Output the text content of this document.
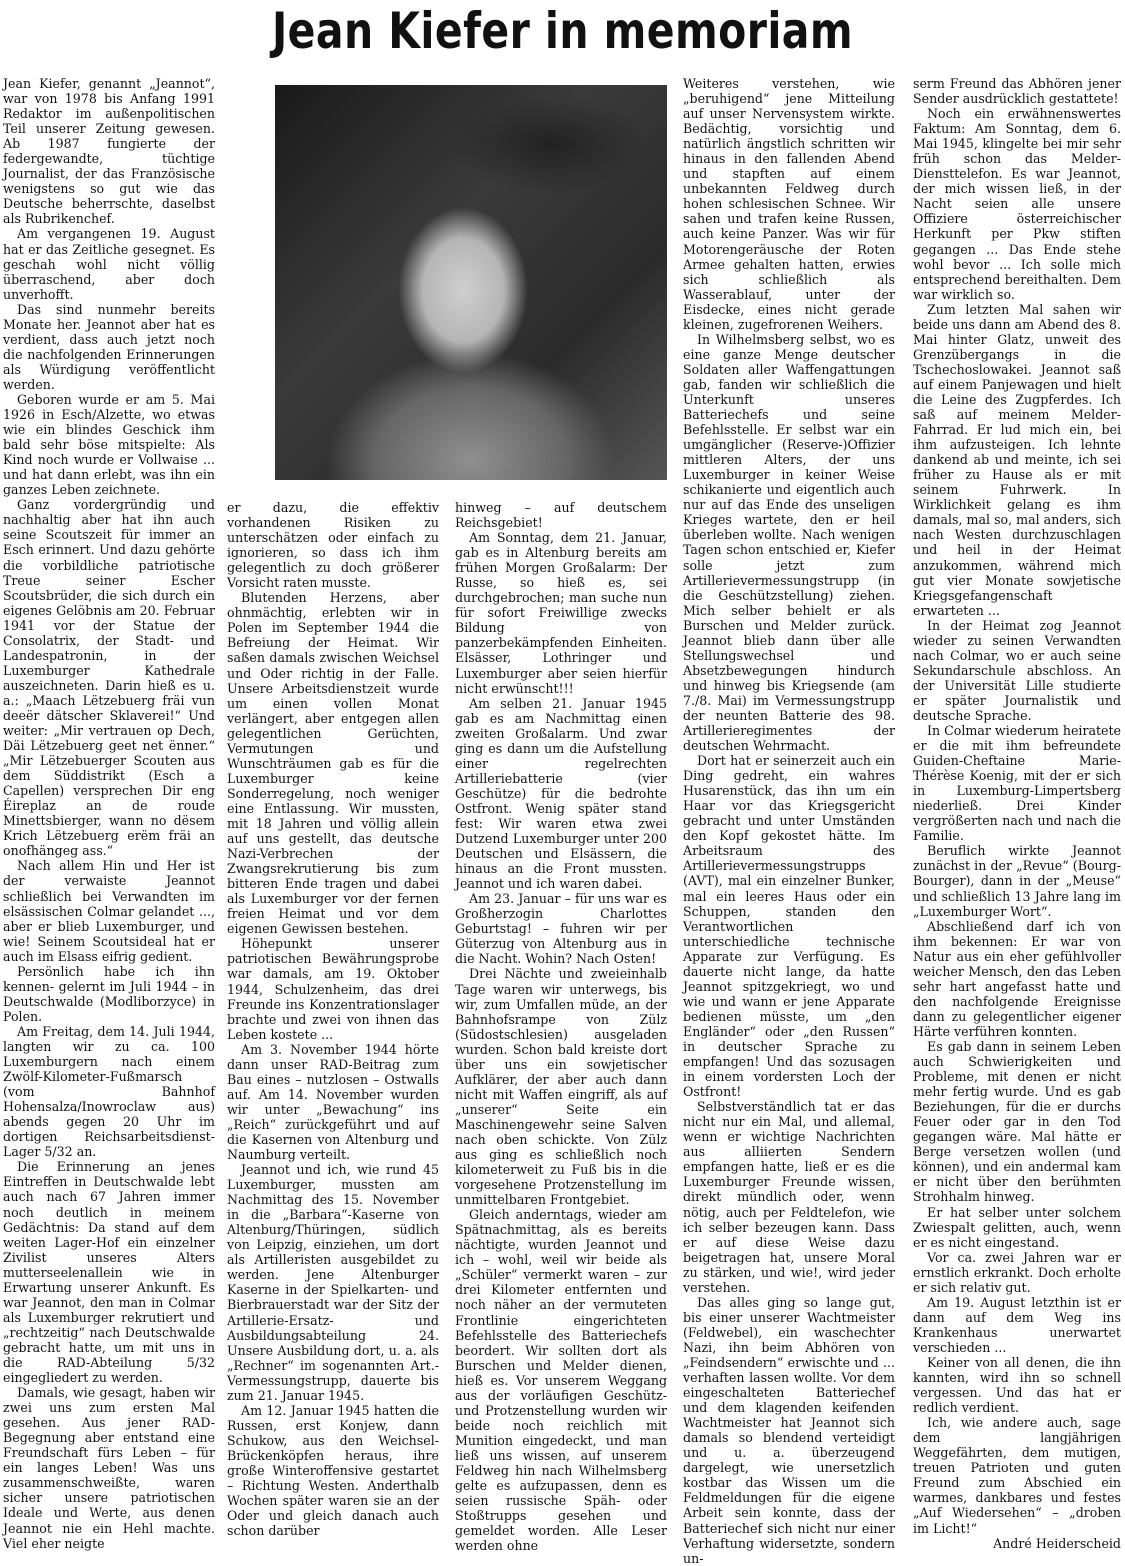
Jean Kiefer in memoriam

Jean Kiefer, genannt „Jeannot“, war von 1978 bis Anfang 1991 Redaktor im außenpolitischen Teil unserer Zeitung gewesen. Ab 1987 fungierte der federgewandte, tüchtige Journalist, der das Französische wenigstens so gut wie das Deutsche beherrschte, daselbst als Rubrikenchef.

Am vergangenen 19. August hat er das Zeitliche gesegnet. Es geschah wohl nicht völlig überraschend, aber doch unverhofft.

Das sind nunmehr bereits Monate her. Jeannot aber hat es verdient, dass auch jetzt noch die nachfolgenden Erinnerungen als Würdigung veröffentlicht werden.

Geboren wurde er am 5. Mai 1926 in Esch/Alzette, wo etwas wie ein blindes Geschick ihm bald sehr böse mitspielte: Als Kind noch wurde er Vollwaise ... und hat dann erlebt, was ihn ein ganzes Leben zeichnete.

Ganz vordergründig und nachhaltig aber hat ihn auch seine Scoutszeit für immer an Esch erinnert. Und dazu gehörte die vorbildliche patriotische Treue seiner Escher Scoutsbrüder, die sich durch ein eigenes Gelöbnis am 20. Februar 1941 vor der Statue der Consolatrix, der Stadt- und Landespatronin, in der Luxemburger Kathedrale auszeichneten. Darin hieß es u. a.: „Maach Lëtzebuerg fräi vun deeër dätscher Sklaverei!“ Und weiter: „Mir vertrauen op Dech, Däi Lëtzebuerg geet net ënner.“ „Mir Lëtzebuerger Scouten aus dem Süddistrikt (Esch a Capellen) versprechen Dir eng Éireplaz an de roude Minettsbierger, wann no dësem Krich Lëtzebuerg erëm fräi an onofhängeg ass.“

Nach allem Hin und Her ist der verwaiste Jeannot schließlich bei Verwandten im elsässischen Colmar gelandet ..., aber er blieb Luxemburger, und wie! Seinem Scoutsideal hat er auch im Elsass eifrig gedient.

Persönlich habe ich ihn kennen- gelernt im Juli 1944 – in Deutschwalde (Modliborzyce) in Polen.

Am Freitag, dem 14. Juli 1944, langten wir zu ca. 100 Luxemburgern nach einem Zwölf-Kilometer-Fußmarsch (vom Bahnhof Hohensalza/Inowroclaw aus) abends gegen 20 Uhr im dortigen Reichsarbeitsdienst-Lager 5/32 an.

Die Erinnerung an jenes Eintreffen in Deutschwalde lebt auch nach 67 Jahren immer noch deutlich in meinem Gedächtnis: Da stand auf dem weiten Lager-Hof ein einzelner Zivilist unseres Alters mutterseelenallein wie in Erwartung unserer Ankunft. Es war Jeannot, den man in Colmar als Luxemburger rekrutiert und „rechtzeitig“ nach Deutschwalde gebracht hatte, um mit uns in die RAD-Abteilung 5/32 eingegliedert zu werden.

Damals, wie gesagt, haben wir zwei uns zum ersten Mal gesehen. Aus jener RAD-Begegnung aber entstand eine Freundschaft fürs Leben – für ein langes Leben! Was uns zusammenschweißte, waren sicher unsere patriotischen Ideale und Werte, aus denen Jeannot nie ein Hehl machte. Viel eher neigte

er dazu, die effektiv vorhandenen Risiken zu unterschätzen oder einfach zu ignorieren, so dass ich ihm gelegentlich zu doch größerer Vorsicht raten musste.

Blutenden Herzens, aber ohnmächtig, erlebten wir in Polen im September 1944 die Befreiung der Heimat. Wir saßen damals zwischen Weichsel und Oder richtig in der Falle. Unsere Arbeitsdienstzeit wurde um einen vollen Monat verlängert, aber entgegen allen gelegentlichen Gerüchten, Vermutungen und Wunschträumen gab es für die Luxemburger keine Sonderregelung, noch weniger eine Entlassung. Wir mussten, mit 18 Jahren und völlig allein auf uns gestellt, das deutsche Nazi-Verbrechen der Zwangsrekrutierung bis zum bitteren Ende tragen und dabei als Luxemburger vor der fernen freien Heimat und vor dem eigenen Gewissen bestehen.

Höhepunkt unserer patriotischen Bewährungsprobe war damals, am 19. Oktober 1944, Schulzenheim, das drei Freunde ins Konzentrationslager brachte und zwei von ihnen das Leben kostete ...

Am 3. November 1944 hörte dann unser RAD-Beitrag zum Bau eines – nutzlosen – Ostwalls auf. Am 14. November wurden wir unter „Bewachung“ ins „Reich“ zurückgeführt und auf die Kasernen von Altenburg und Naumburg verteilt.

Jeannot und ich, wie rund 45 Luxemburger, mussten am Nachmittag des 15. November in die „Barbara“-Kaserne von Altenburg/Thüringen, südlich von Leipzig, einziehen, um dort als Artilleristen ausgebildet zu werden. Jene Altenburger Kaserne in der Spielkarten- und Bierbrauerstadt war der Sitz der Artillerie-Ersatz- und Ausbildungsabteilung 24. Unsere Ausbildung dort, u. a. als „Rechner“ im sogenannten Art.-Vermessungstrupp, dauerte bis zum 21. Januar 1945.

Am 12. Januar 1945 hatten die Russen, erst Konjew, dann Schukow, aus den Weichsel-Brückenköpfen heraus, ihre große Winteroffensive gestartet – Richtung Westen. Anderthalb Wochen später waren sie an der Oder und gleich danach auch schon darüber

hinweg – auf deutschem Reichsgebiet!

Am Sonntag, dem 21. Januar, gab es in Altenburg bereits am frühen Morgen Großalarm: Der Russe, so hieß es, sei durchgebrochen; man suche nun für sofort Freiwillige zwecks Bildung von panzerbekämpfenden Einheiten. Elsässer, Lothringer und Luxemburger aber seien hierfür nicht erwünscht!!!

Am selben 21. Januar 1945 gab es am Nachmittag einen zweiten Großalarm. Und zwar ging es dann um die Aufstellung einer regelrechten Artilleriebatterie (vier Geschütze) für die bedrohte Ostfront. Wenig später stand fest: Wir waren etwa zwei Dutzend Luxemburger unter 200 Deutschen und Elsässern, die hinaus an die Front mussten. Jeannot und ich waren dabei.

Am 23. Januar – für uns war es Großherzogin Charlottes Geburtstag! – fuhren wir per Güterzug von Altenburg aus in die Nacht. Wohin? Nach Osten!

Drei Nächte und zweieinhalb Tage waren wir unterwegs, bis wir, zum Umfallen müde, an der Bahnhofsrampe von Zülz (Südostschlesien) ausgeladen wurden. Schon bald kreiste dort über uns ein sowjetischer Aufklärer, der aber auch dann nicht mit Waffen eingriff, als auf „unserer“ Seite ein Maschinengewehr seine Salven nach oben schickte. Von Zülz aus ging es schließlich noch kilometerweit zu Fuß bis in die vorgesehene Protzenstellung im unmittelbaren Frontgebiet.

Gleich anderntags, wieder am Spätnachmittag, als es bereits nächtigte, wurden Jeannot und ich – wohl, weil wir beide als „Schüler“ vermerkt waren – zur drei Kilometer entfernten und noch näher an der vermuteten Frontlinie eingerichteten Befehlsstelle des Batteriechefs beordert. Wir sollten dort als Burschen und Melder dienen, hieß es. Vor unserem Weggang aus der vorläufigen Geschütz- und Protzenstellung wurden wir beide noch reichlich mit Munition eingedeckt, und man ließ uns wissen, auf unserem Feldweg hin nach Wilhelmsberg gelte es aufzupassen, denn es seien russische Späh- oder Stoßtrupps gesehen und gemeldet worden. Alle Leser werden ohne

Weiteres verstehen, wie „beruhigend“ jene Mitteilung auf unser Nervensystem wirkte. Bedächtig, vorsichtig und natürlich ängstlich schritten wir hinaus in den fallenden Abend und stapften auf einem unbekannten Feldweg durch hohen schlesischen Schnee. Wir sahen und trafen keine Russen, auch keine Panzer. Was wir für Motorengeräusche der Roten Armee gehalten hatten, erwies sich schließlich als Wasserablauf, unter der Eisdecke, eines nicht gerade kleinen, zugefrorenen Weihers.

In Wilhelmsberg selbst, wo es eine ganze Menge deutscher Soldaten aller Waffengattungen gab, fanden wir schließlich die Unterkunft unseres Batteriechefs und seine Befehlsstelle. Er selbst war ein umgänglicher (Reserve-)Offizier mittleren Alters, der uns Luxemburger in keiner Weise schikanierte und eigentlich auch nur auf das Ende des unseligen Krieges wartete, den er heil überleben wollte. Nach wenigen Tagen schon entschied er, Kiefer solle jetzt zum Artillerievermessungstrupp (in die Geschützstellung) ziehen. Mich selber behielt er als Burschen und Melder zurück. Jeannot blieb dann über alle Stellungswechsel und Absetzbewegungen hindurch und hinweg bis Kriegsende (am 7./8. Mai) im Vermessungstrupp der neunten Batterie des 98. Artillerieregimentes der deutschen Wehrmacht.

Dort hat er seinerzeit auch ein Ding gedreht, ein wahres Husarenstück, das ihn um ein Haar vor das Kriegsgericht gebracht und unter Umständen den Kopf gekostet hätte. Im Arbeitsraum des Artillerievermessungstrupps (AVT), mal ein einzelner Bunker, mal ein leeres Haus oder ein Schuppen, standen den Verantwortlichen unterschiedliche technische Apparate zur Verfügung. Es dauerte nicht lange, da hatte Jeannot spitzgekriegt, wo und wie und wann er jene Apparate bedienen müsste, um „den Engländer“ oder „den Russen“ in deutscher Sprache zu empfangen! Und das sozusagen in einem vordersten Loch der Ostfront!

Selbstverständlich tat er das nicht nur ein Mal, und allemal, wenn er wichtige Nachrichten aus alliierten Sendern empfangen hatte, ließ er es die Luxemburger Freunde wissen, direkt mündlich oder, wenn nötig, auch per Feldtelefon, wie ich selber bezeugen kann. Dass er auf diese Weise dazu beigetragen hat, unsere Moral zu stärken, und wie!, wird jeder verstehen.

Das alles ging so lange gut, bis einer unserer Wachtmeister (Feldwebel), ein waschechter Nazi, ihn beim Abhören von „Feindsendern“ erwischte und ... verhaften lassen wollte. Vor dem eingeschalteten Batteriechef und dem klagenden keifenden Wachtmeister hat Jeannot sich damals so blendend verteidigt und u. a. überzeugend dargelegt, wie unersetzlich kostbar das Wissen um die Feldmeldungen für die eigene Arbeit sein konnte, dass der Batteriechef sich nicht nur einer Verhaftung widersetzte, sondern un-

serm Freund das Abhören jener Sender ausdrücklich gestattete!

Noch ein erwähnenswertes Faktum: Am Sonntag, dem 6. Mai 1945, klingelte bei mir sehr früh schon das Melder-Diensttelefon. Es war Jeannot, der mich wissen ließ, in der Nacht seien alle unsere Offiziere österreichischer Herkunft per Pkw stiften gegangen ... Das Ende stehe wohl bevor ... Ich solle mich entsprechend bereithalten. Dem war wirklich so.

Zum letzten Mal sahen wir beide uns dann am Abend des 8. Mai hinter Glatz, unweit des Grenzübergangs in die Tschechoslowakei. Jeannot saß auf einem Panjewagen und hielt die Leine des Zugpferdes. Ich saß auf meinem Melder-Fahrrad. Er lud mich ein, bei ihm aufzusteigen. Ich lehnte dankend ab und meinte, ich sei früher zu Hause als er mit seinem Fuhrwerk. In Wirklichkeit gelang es ihm damals, mal so, mal anders, sich nach Westen durchzuschlagen und heil in der Heimat anzukommen, während mich gut vier Monate sowjetische Kriegsgefangenschaft erwarteten ...

In der Heimat zog Jeannot wieder zu seinen Verwandten nach Colmar, wo er auch seine Sekundarschule abschloss. An der Universität Lille studierte er später Journalistik und deutsche Sprache.

In Colmar wiederum heiratete er die mit ihm befreundete Guiden-Cheftaine Marie-Thérèse Koenig, mit der er sich in Luxemburg-Limpertsberg niederließ. Drei Kinder vergrößerten nach und nach die Familie.

Beruflich wirkte Jeannot zunächst in der „Revue“ (Bourg-Bourger), dann in der „Meuse“ und schließlich 13 Jahre lang im „Luxemburger Wort“.

Abschließend darf ich von ihm bekennen: Er war von Natur aus ein eher gefühlvoller weicher Mensch, den das Leben sehr hart angefasst hatte und den nachfolgende Ereignisse dann zu gelegentlicher eigener Härte verführen konnten.

Es gab dann in seinem Leben auch Schwierigkeiten und Probleme, mit denen er nicht mehr fertig wurde. Und es gab Beziehungen, für die er durchs Feuer oder gar in den Tod gegangen wäre. Mal hätte er Berge versetzen wollen (und können), und ein andermal kam er nicht über den berühmten Strohhalm hinweg.

Er hat selber unter solchem Zwiespalt gelitten, auch, wenn er es nicht eingestand.

Vor ca. zwei Jahren war er ernstlich erkrankt. Doch erholte er sich relativ gut.

Am 19. August letzthin ist er dann auf dem Weg ins Krankenhaus unerwartet verschieden ...

Keiner von all denen, die ihn kannten, wird ihn so schnell vergessen. Und das hat er redlich verdient.

Ich, wie andere auch, sage dem langjährigen Weggefährten, dem mutigen, treuen Patrioten und guten Freund zum Abschied ein warmes, dankbares und festes „Auf Wiedersehen“ – „droben im Licht!“

André Heiderscheid
